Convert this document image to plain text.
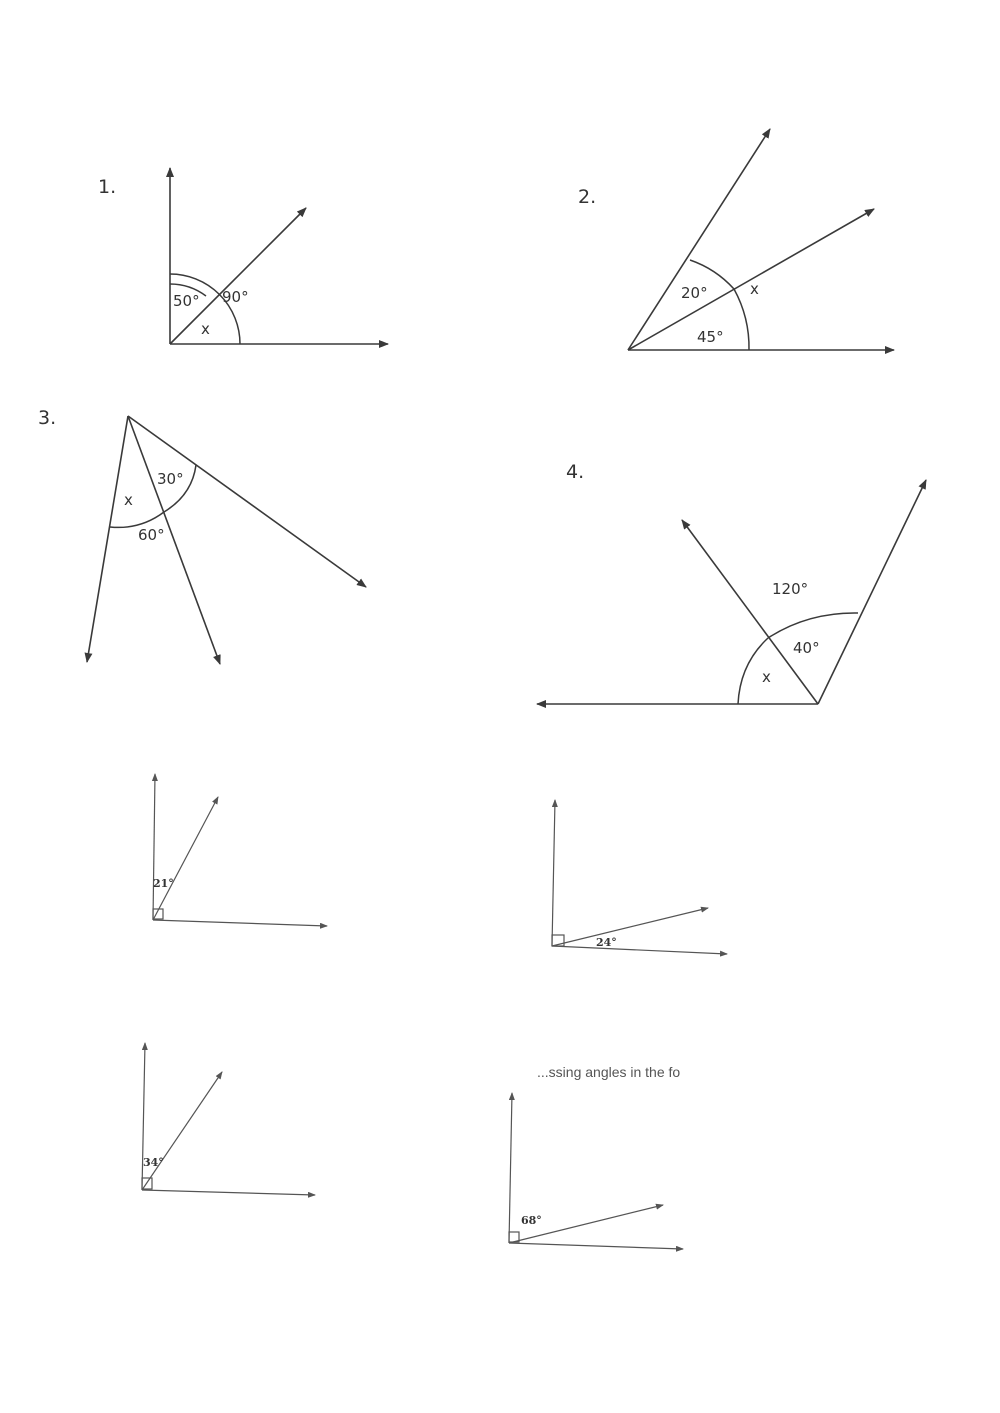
1.
50° 90°
x
2.
20°	x
45°
3.
30°
x
60°
4.
120°
40°
x
21°
24°
34°
...ssing angles in the fo
68°
